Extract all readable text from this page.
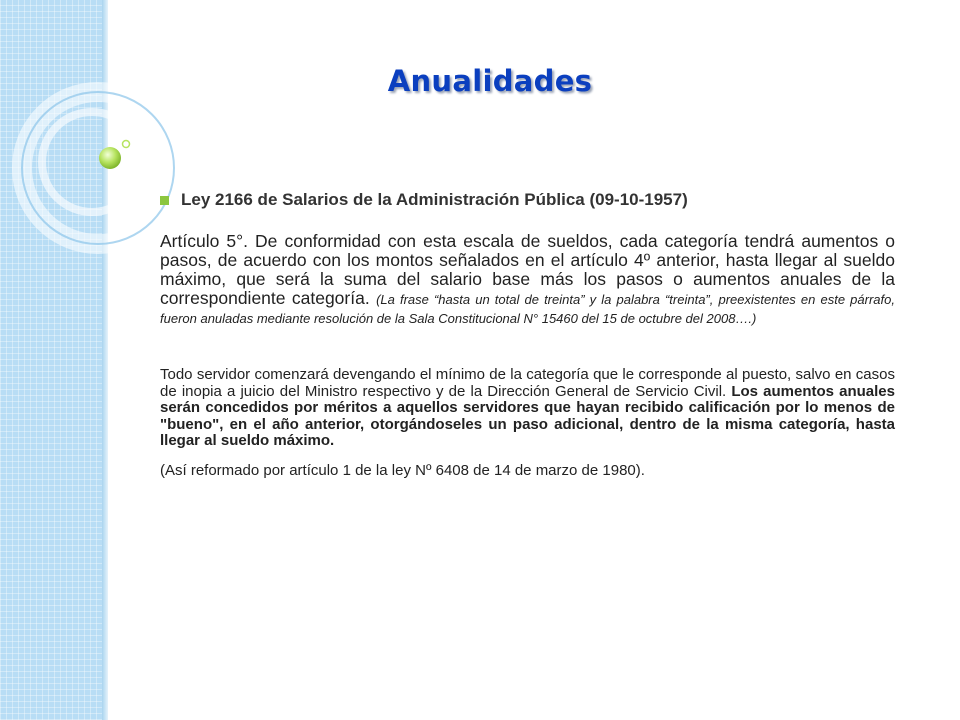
Anualidades
Ley 2166 de Salarios de la Administración Pública (09-10-1957)
Artículo 5°. De conformidad con esta escala de sueldos, cada categoría tendrá aumentos o pasos, de acuerdo con los montos señalados en el artículo 4º anterior, hasta llegar al sueldo máximo, que será la suma del salario base más los pasos o aumentos anuales de la correspondiente categoría. (La frase “hasta un total de treinta” y la palabra “treinta”, preexistentes en este párrafo, fueron anuladas mediante resolución de la Sala Constitucional N° 15460 del 15 de octubre del 2008….)
Todo servidor comenzará devengando el mínimo de la categoría que le corresponde al puesto, salvo en casos de inopia a juicio del Ministro respectivo y de la Dirección General de Servicio Civil. Los aumentos anuales serán concedidos por méritos a aquellos servidores que hayan recibido calificación por lo menos de "bueno", en el año anterior, otorgándoseles un paso adicional, dentro de la misma categoría, hasta llegar al sueldo máximo.
(Así reformado por artículo 1 de la ley Nº 6408 de 14 de marzo de 1980).
